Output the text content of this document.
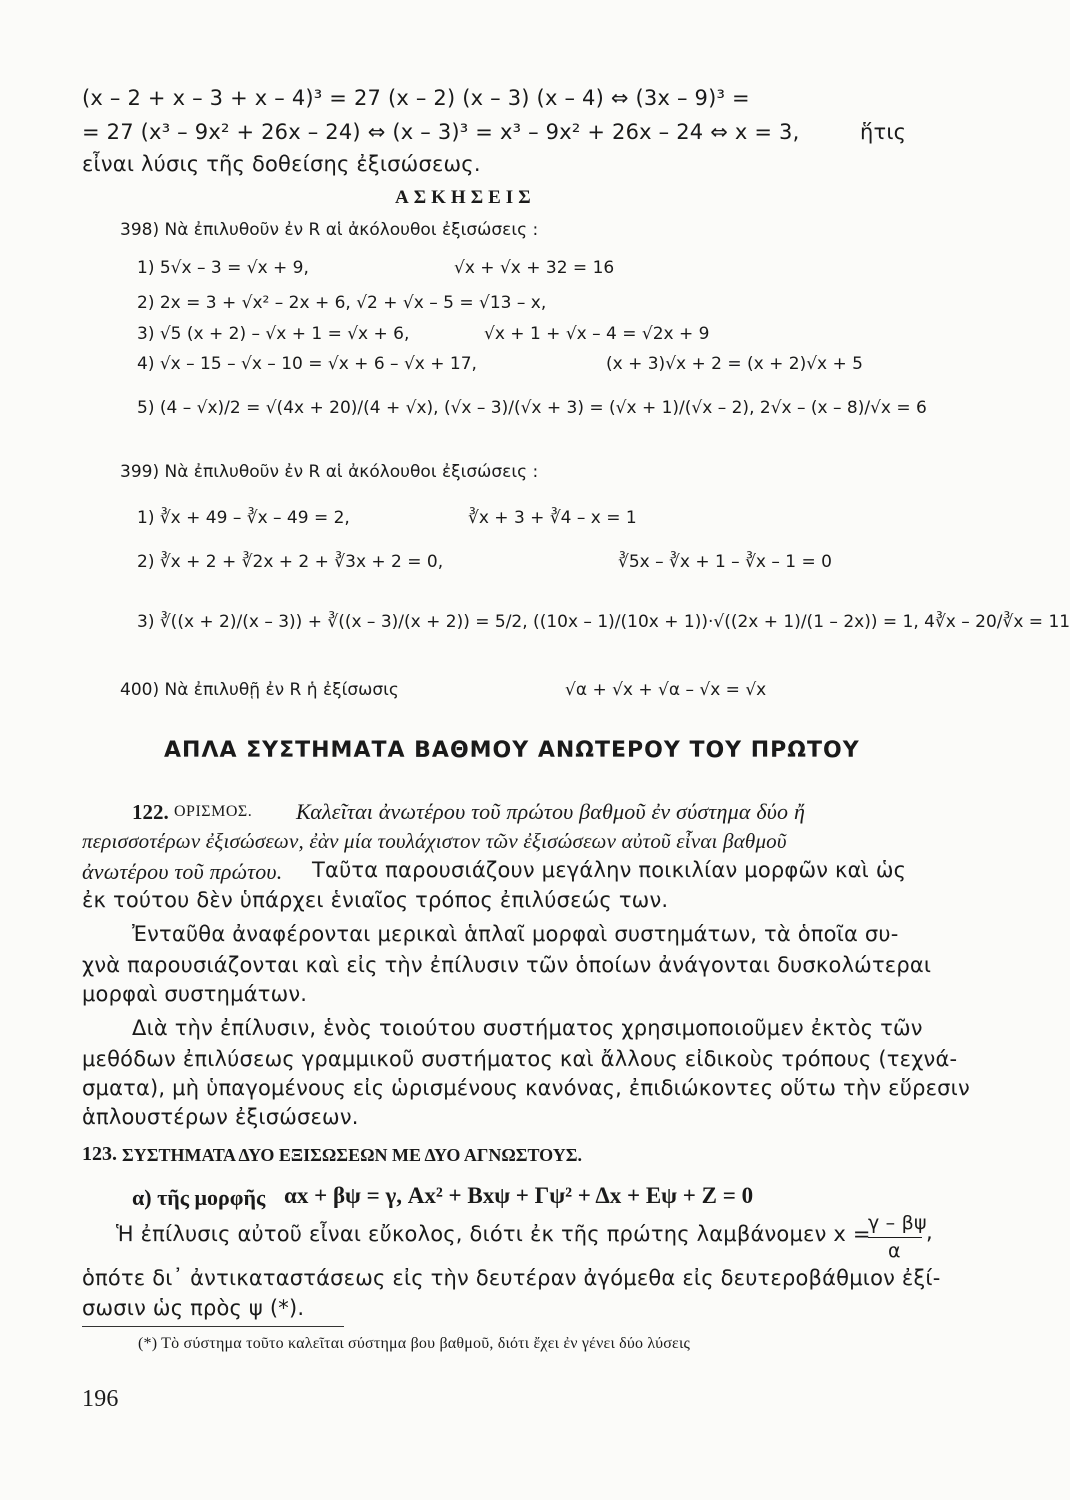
(x – 2 + x – 3 + x – 4)³ = 27 (x – 2) (x – 3) (x – 4) ⇔ (3x – 9)³ =
= 27 (x³ – 9x² + 26x – 24) ⇔ (x – 3)³ = x³ – 9x² + 26x – 24 ⇔ x = 3,	ἥτις
εἶναι λύσις τῆς δοθείσης ἐξισώσεως.
ΑΣΚΗΣΕΙΣ
398) Νὰ ἐπιλυθοῦν ἐν R αἱ ἀκόλουθοι ἐξισώσεις :
1) 5√x – 3 = √x + 9,	√x + √x + 32 = 16
2) 2x = 3 + √x² – 2x + 6, √2 + √x – 5 = √13 – x,
3) √5 (x + 2) – √x + 1 = √x + 6,	√x + 1 + √x – 4 = √2x + 9
4) √x – 15 – √x – 10 = √x + 6 – √x + 17,	(x + 3)√x + 2 = (x + 2)√x + 5
5) (4 – √x)/2 = √(4x + 20)/(4 + √x), (√x – 3)/(√x + 3) = (√x + 1)/(√x – 2), 2√x – (x – 8)/√x = 6
399) Νὰ ἐπιλυθοῦν ἐν R αἱ ἀκόλουθοι ἐξισώσεις :
1) ∛x + 49 – ∛x – 49 = 2,	∛x + 3 + ∛4 – x = 1
2) ∛x + 2 + ∛2x + 2 + ∛3x + 2 = 0,	∛5x – ∛x + 1 – ∛x – 1 = 0
3) ∛((x + 2)/(x – 3)) + ∛((x – 3)/(x + 2)) = 5/2, ((10x – 1)/(10x + 1))·√((2x + 1)/(1 – 2x)) = 1, 4∛x – 20/∛x = 11
400) Νὰ ἐπιλυθῇ ἐν R ἡ ἐξίσωσις	√α + √x + √α – √x = √x
ΑΠΛΑ ΣΥΣΤΗΜΑΤΑ ΒΑΘΜΟΥ ΑΝΩΤΕΡΟΥ ΤΟΥ ΠΡΩΤΟΥ
122. ΟΡΙΣΜΟΣ. Καλεῖται ἀνωτέρου τοῦ πρώτου βαθμοῦ ἐν σύστημα δύο ἤ
περισσοτέρων ἐξισώσεων, ἐὰν μία τουλάχιστον τῶν ἐξισώσεων αὐτοῦ εἶναι βαθμοῦ
ἀνωτέρου τοῦ πρώτου. Ταῦτα παρουσιάζουν μεγάλην ποικιλίαν μορφῶν καὶ ὡς
ἐκ τούτου δὲν ὑπάρχει ἑνιαῖος τρόπος ἐπιλύσεώς των.
Ἐνταῦθα ἀναφέρονται μερικαὶ ἁπλαῖ μορφαὶ συστημάτων, τὰ ὁποῖα συ-
χνὰ παρουσιάζονται καὶ εἰς τὴν ἐπίλυσιν τῶν ὁποίων ἀνάγονται δυσκολώτεραι
μορφαὶ συστημάτων.
Διὰ τὴν ἐπίλυσιν, ἑνὸς τοιούτου συστήματος χρησιμοποιοῦμεν ἐκτὸς τῶν
μεθόδων ἐπιλύσεως γραμμικοῦ συστήματος καὶ ἄλλους εἰδικοὺς τρόπους (τεχνά-
σματα), μὴ ὑπαγομένους εἰς ὡρισμένους κανόνας, ἐπιδιώκοντες οὕτω τὴν εὕρεσιν
ἁπλουστέρων ἐξισώσεων.
123. ΣΥΣΤΗΜΑΤΑ ΔΥΟ ΕΞΙΣΩΣΕΩΝ ΜΕ ΔΥΟ ΑΓΝΩΣΤΟΥΣ.
α) τῆς μορφῆς αx + βψ = γ, Ax² + Bxψ + Γψ² + Δx + Eψ + Z = 0
Ἡ ἐπίλυσις αὐτοῦ εἶναι εὔκολος, διότι ἐκ τῆς πρώτης λαμβάνομεν x =
γ – βψ
α
,
ὁπότε δι᾽ ἀντικαταστάσεως εἰς τὴν δευτέραν ἀγόμεθα εἰς δευτεροβάθμιον ἐξί-
σωσιν ὡς πρὸς ψ (*).
(*) Τὸ σύστημα τοῦτο καλεῖται σύστημα βου βαθμοῦ, διότι ἔχει ἐν γένει δύο λύσεις
196
